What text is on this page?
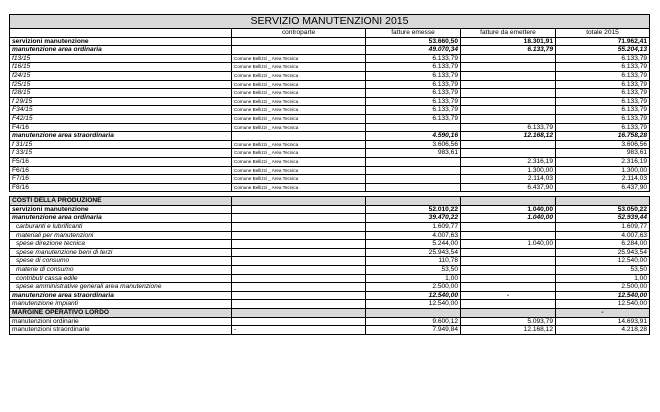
SERVIZIO MANUTENZIONI 2015				
	controparte	fatture emesse	fatture da emettere	totale 2015
servizioni manutenzione		53.660,50	18.301,91	71.962,41
manutenzione area ordinaria		49.070,34	6.133,79	55.204,13
f13/15	Comune Bellizzi _ Area Tecnica	6.133,79		6.133,79
f16/15	Comune Bellizzi _ Area Tecnica	6.133,79		6.133,79
f24/15	Comune Bellizzi _ Area Tecnica	6.133,79		6.133,79
f25/15	Comune Bellizzi _ Area Tecnica	6.133,79		6.133,79
f28/15	Comune Bellizzi _ Area Tecnica	6.133,79		6.133,79
f 29/15	Comune Bellizzi _ Area Tecnica	6.133,79		6.133,79
F34/15	Comune Bellizzi _ Area Tecnica	6.133,79		6.133,79
F42/15	Comune Bellizzi _ Area Tecnica	6.133,79		6.133,79
F4/16	Comune Bellizzi _ Area Tecnica		6.133,79	6.133,79
manutenzione area straordinaria		4.590,16	12.168,12	16.758,28
f 31/15	Comune Bellizzi _ Area Tecnica	3.606,56		3.606,56
f 33/15	Comune Bellizzi _ Area Tecnica	983,61		983,61
F5/16	Comune Bellizzi _ Area Tecnica		2.316,19	2.316,19
F6/16	Comune Bellizzi _ Area Tecnica		1.300,00	1.300,00
F7/16	Comune Bellizzi _ Area Tecnica		2.114,03	2.114,03
F8/16	Comune Bellizzi _ Area Tecnica		6.437,90	6.437,90

COSTI DELLA PRODUZIONE				
servizioni manutenzione		52.010,22	1.040,00	53.050,22
manutenzione area ordinaria		39.470,22	1.040,00	52.939,44
carburanti e lubrificanti		1.609,77		1.609,77
materiali per manutenzioni		4.007,63		4.007,63
spese direzione tecnica		5.244,00	1.040,00	6.284,00
spese manutenzione beni di terzi		25.943,54		25.943,54
spese di consumo		110,78		12.540,00
materie di consumo		53,50		53,50
contributi cassa edile		1,00		1,00
spese amministrative generali area manutenzione		2.500,00		2.500,00
manutenzione area straordinaria		12.540,00	-	12.540,00
manutenzione impianti		12.540,00		12.540,00
MARGINE OPERATIVO LORDO				-
manutenzioni ordinarie		9.600,12	5.093,79	14.693,91
manutenzioni straordinarie	-	7.949,84	12.168,12	4.218,28
